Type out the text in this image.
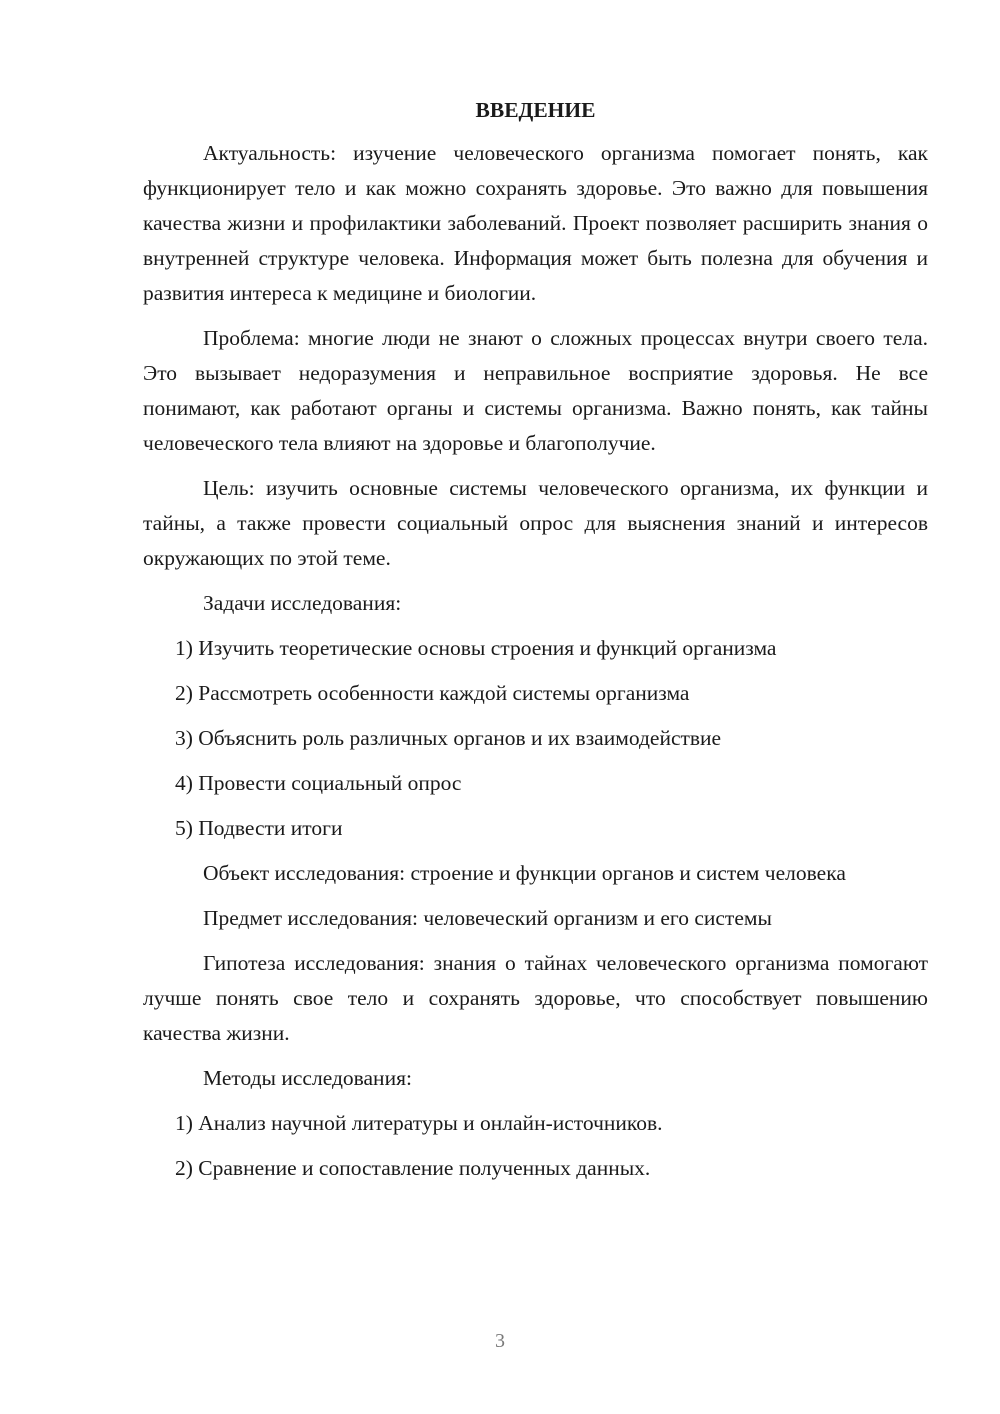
ВВЕДЕНИЕ

Актуальность: изучение человеческого организма помогает понять, как функционирует тело и как можно сохранять здоровье. Это важно для повышения качества жизни и профилактики заболеваний. Проект позволяет расширить знания о внутренней структуре человека. Информация может быть полезна для обучения и развития интереса к медицине и биологии.

Проблема: многие люди не знают о сложных процессах внутри своего тела. Это вызывает недоразумения и неправильное восприятие здоровья. Не все понимают, как работают органы и системы организма. Важно понять, как тайны человеческого тела влияют на здоровье и благополучие.

Цель: изучить основные системы человеческого организма, их функции и тайны, а также провести социальный опрос для выяснения знаний и интересов окружающих по этой теме.

Задачи исследования:

1) Изучить теоретические основы строения и функций организма
2) Рассмотреть особенности каждой системы организма
3) Объяснить роль различных органов и их взаимодействие
4) Провести социальный опрос
5) Подвести итоги

Объект исследования: строение и функции органов и систем человека

Предмет исследования: человеческий организм и его системы

Гипотеза исследования: знания о тайнах человеческого организма помогают лучше понять свое тело и сохранять здоровье, что способствует повышению качества жизни.

Методы исследования:

1) Анализ научной литературы и онлайн-источников.
2) Сравнение и сопоставление полученных данных.
3
